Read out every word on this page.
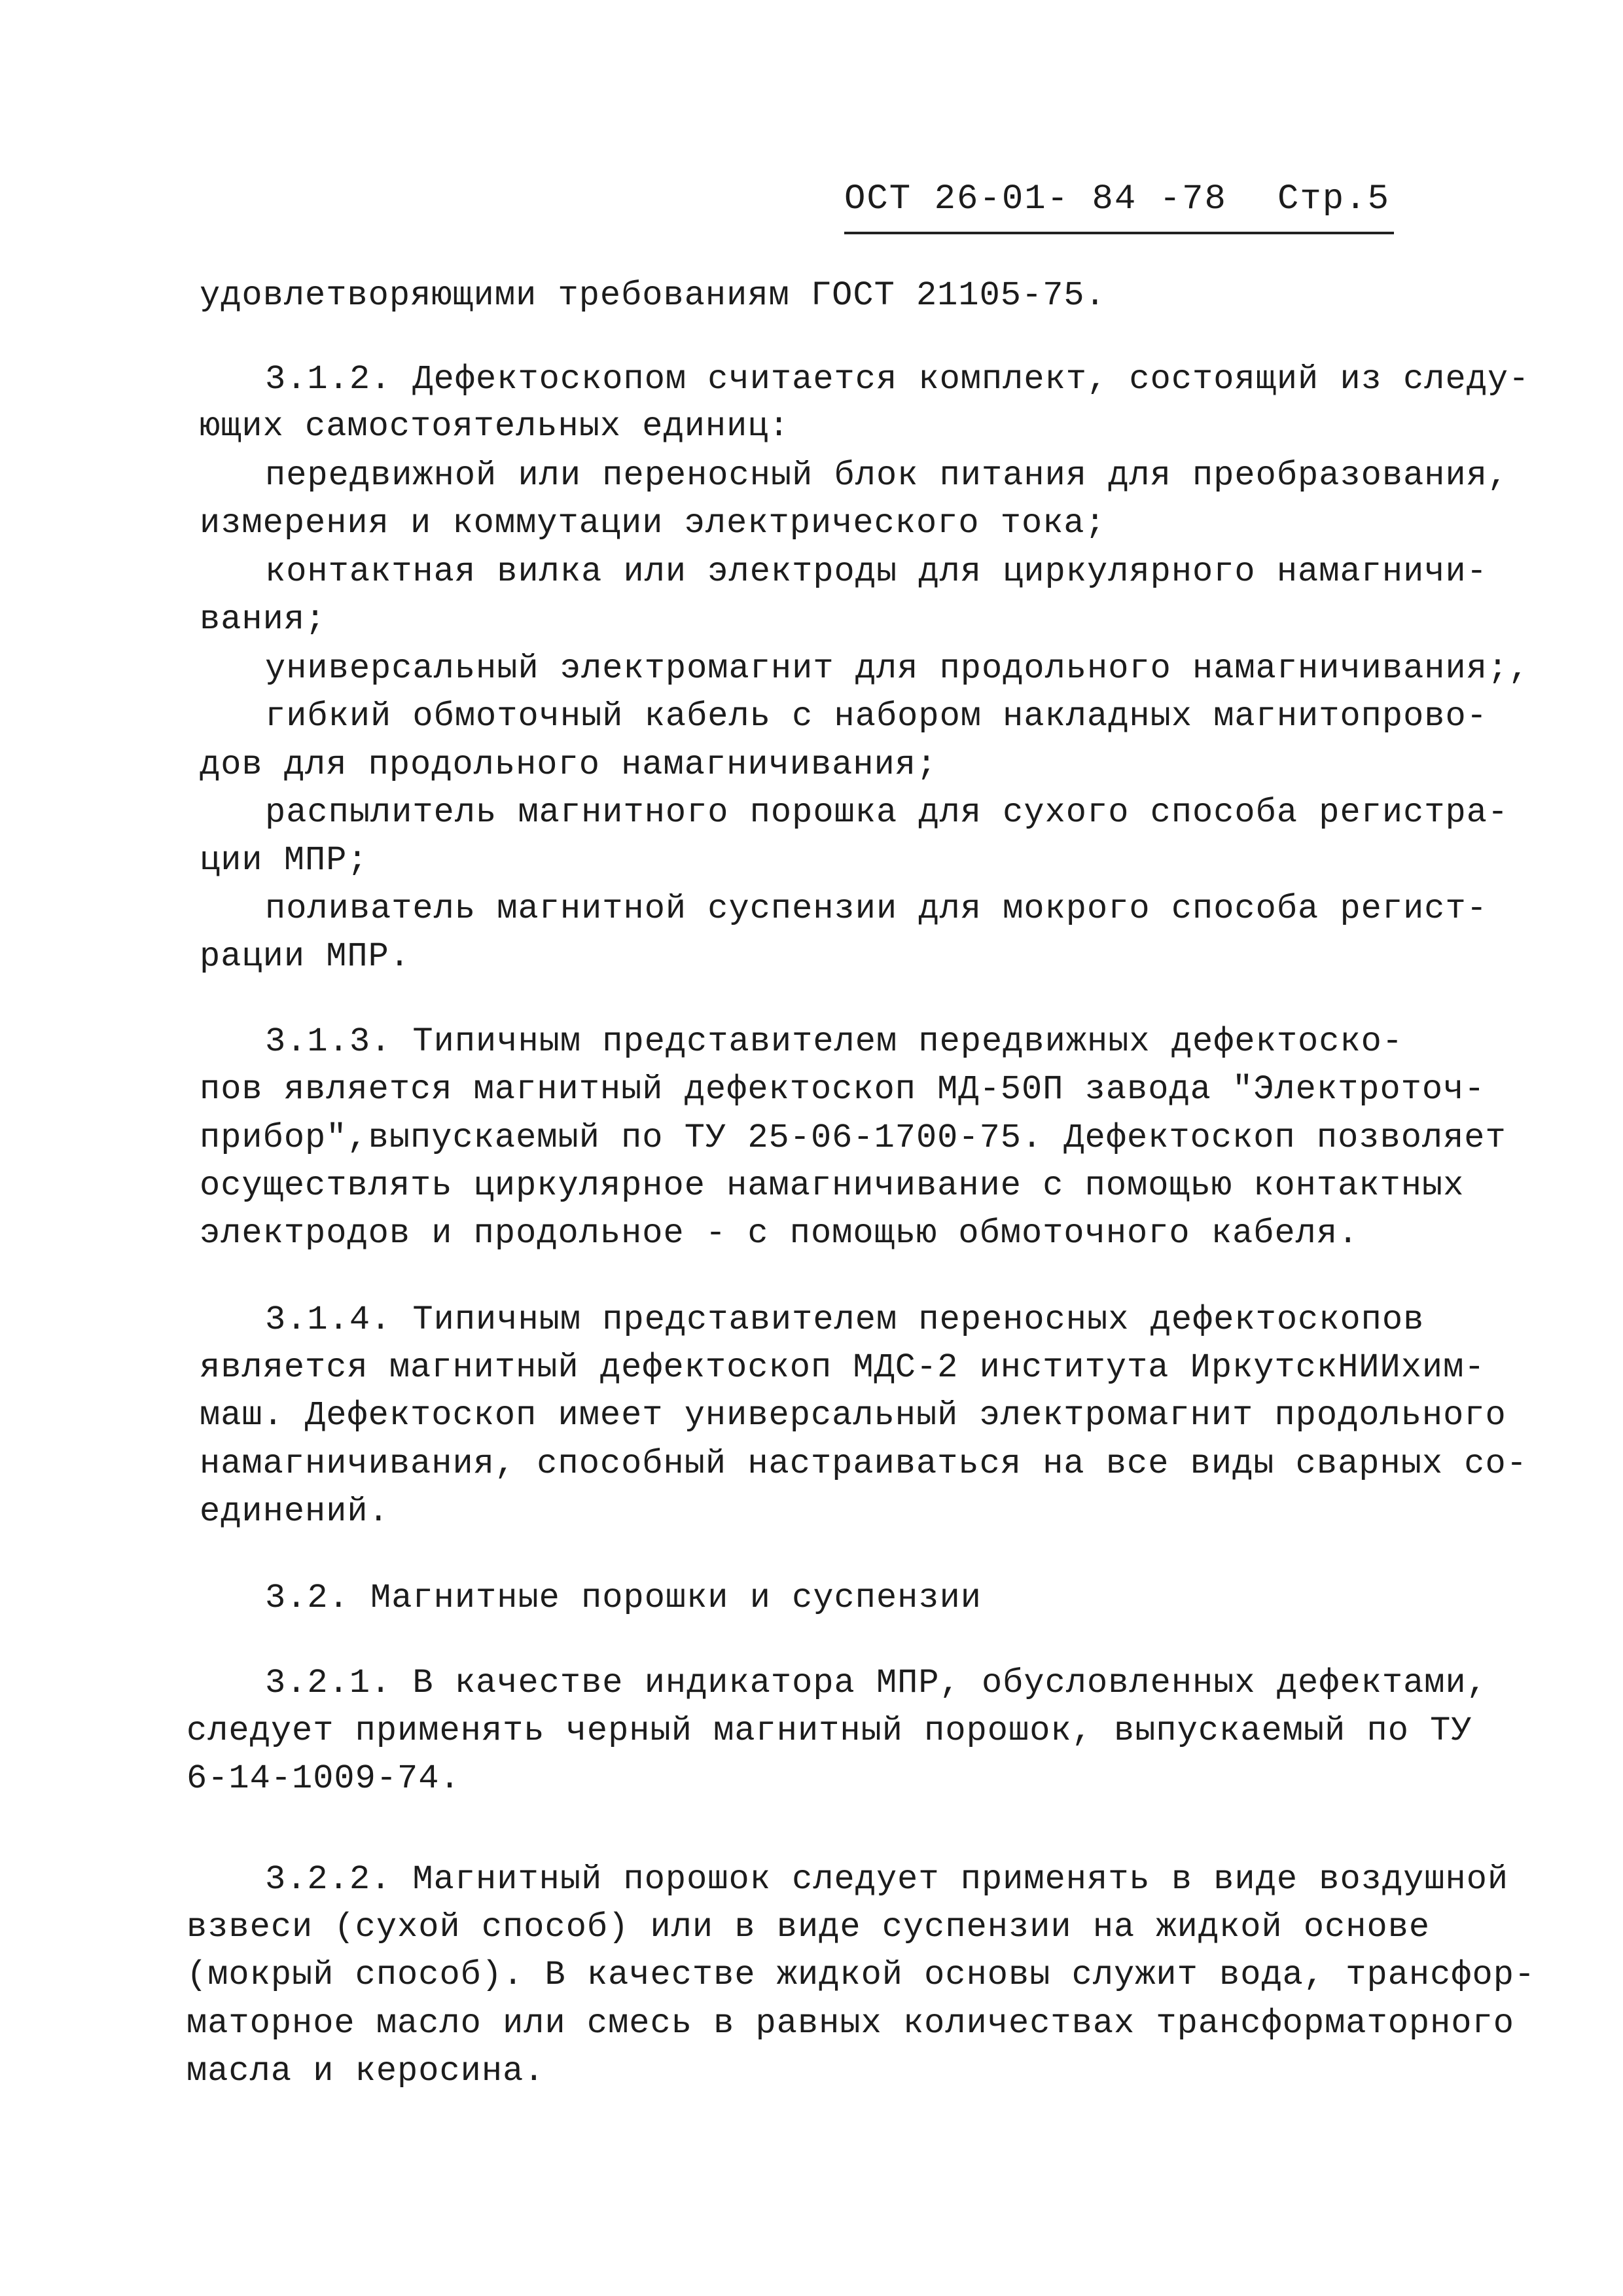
ОСТ 26-01- 84 -78 Стр.5
удовлетворяющими требованиям ГОСТ 21105-75.
3.1.2. Дефектоскопом считается комплект, состоящий из следу-
ющих самостоятельных единиц:
передвижной или переносный блок питания для преобразования,
измерения и коммутации электрического тока;
контактная вилка или электроды для циркулярного намагничи-
вания;
универсальный электромагнит для продольного намагничивания;,
гибкий обмоточный кабель с набором накладных магнитопрово-
дов для продольного намагничивания;
распылитель магнитного порошка для сухого способа регистра-
ции МПР;
поливатель магнитной суспензии для мокрого способа регист-
рации МПР.
3.1.3. Типичным представителем передвижных дефектоско-
пов является магнитный дефектоскоп МД-50П завода "Электроточ-
прибор",выпускаемый по ТУ 25-06-1700-75. Дефектоскоп позволяет
осуществлять циркулярное намагничивание с помощью контактных
электродов и продольное - с помощью обмоточного кабеля.
3.1.4. Типичным представителем переносных дефектоскопов
является магнитный дефектоскоп МДС-2 института ИркутскНИИхим-
маш. Дефектоскоп имеет универсальный электромагнит продольного
намагничивания, способный настраиваться на все виды сварных со-
единений.
3.2. Магнитные порошки и суспензии
3.2.1. В качестве индикатора МПР, обусловленных дефектами,
следует применять черный магнитный порошок, выпускаемый по ТУ
6-14-1009-74.
3.2.2. Магнитный порошок следует применять в виде воздушной
взвеси (сухой способ) или в виде суспензии на жидкой основе
(мокрый способ). В качестве жидкой основы служит вода, трансфор-
маторное масло или смесь в равных количествах трансформаторного
масла и керосина.
